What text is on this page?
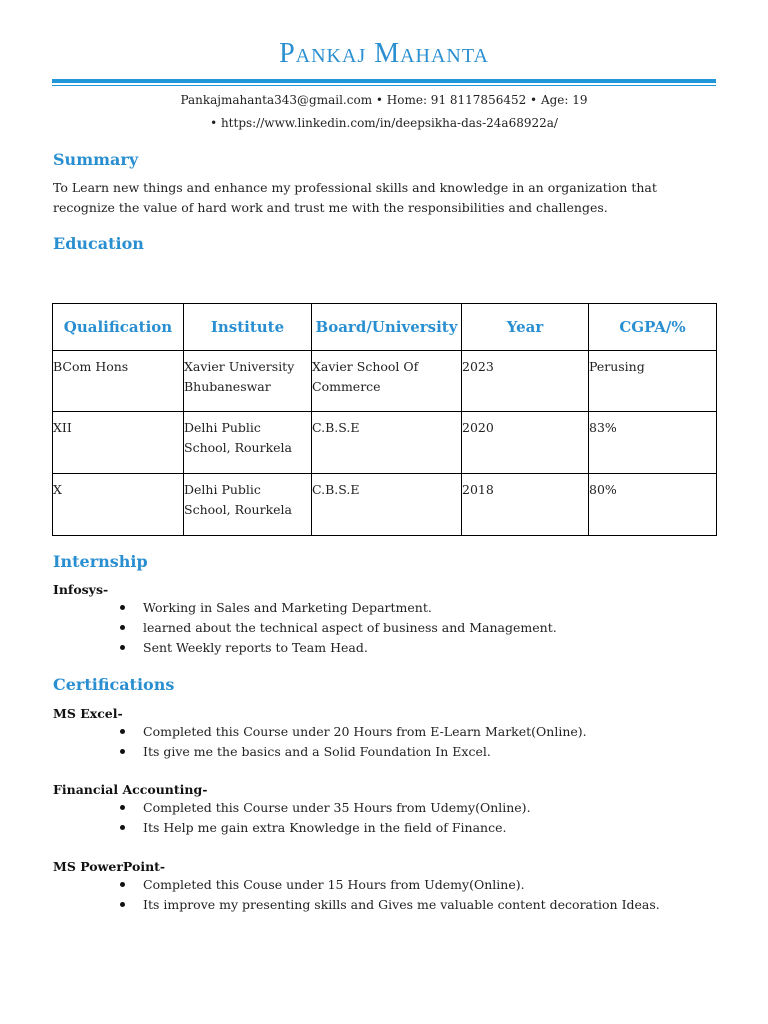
Pankaj Mahanta
Pankajmahanta343@gmail.com • Home: 91 8117856452 • Age: 19
• https://www.linkedin.com/in/deepsikha-das-24a68922a/
Summary
To Learn new things and enhance my professional skills and knowledge in an organization that recognize the value of hard work and trust me with the responsibilities and challenges.
Education
Qualification	Institute	Board/University	Year	CGPA/%
BCom Hons	Xavier University Bhubaneswar	Xavier School Of Commerce	2023	Perusing
XII	Delhi Public School, Rourkela	C.B.S.E	2020	83%
X	Delhi Public School, Rourkela	C.B.S.E	2018	80%
Internship
Infosys-
Working in Sales and Marketing Department.
learned about the technical aspect of business and Management.
Sent Weekly reports to Team Head.
Certifications
MS Excel-
Completed this Course under 20 Hours from E-Learn Market(Online).
Its give me the basics and a Solid Foundation In Excel.
Financial Accounting-
Completed this Course under 35 Hours from Udemy(Online).
Its Help me gain extra Knowledge in the field of Finance.
MS PowerPoint-
Completed this Couse under 15 Hours from Udemy(Online).
Its improve my presenting skills and Gives me valuable content decoration Ideas.
